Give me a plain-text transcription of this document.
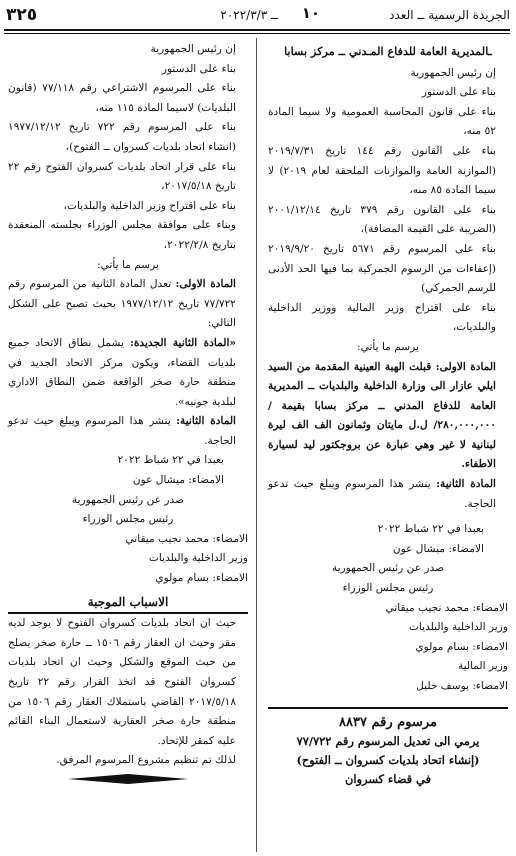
الجريدة الرسمية ــ العدد
١٠
ــ ٢٠٢٢/٣/٣
٣٢٥

ـالمديرية العامة للدفاع المـدني ــ مركز بسابا

إن رئيس الجمهورية

بناء على الدستور

بناء على قانون المحاسبة العمومية ولا سيما المادة ٥٢ منه،

بناء على القانون رقم ١٤٤ تاريخ ٢٠١٩/٧/٣١ (الموازنة العامة والموازنات الملحقة لعام ٢٠١٩) لا سيما المادة ٨٥ منه،

بناء على القانون رقم ٣٧٩ تاريخ ٢٠٠١/١٢/١٤ (الضريبة على القيمة المضافة)،

بناء على المرسوم رقم ٥٦٧١ تاريخ ٢٠١٩/٩/٢٠ (إعفاءات من الرسوم الجمركية بما فيها الحد الأدنى للرسم الجمركي)

بناء على اقتراح وزير المالية ووزير الداخلية والبلديات،

يرسم ما يأتي:

المادة الاولى: قبلت الهبة العينية المقدمة من السيد ايلي عازار الى وزارة الداخلية والبلديات ــ المديرية العامة للدفاع المدني ــ مركز بسابا بقيمة /٢٨٠,٠٠٠,٠٠٠/ ل.ل مايتان وثمانون الف الف ليرة لبنانية لا غير وهي عبارة عن بروجكتور ليد لسيارة الاطفاء.

المادة الثانية: ينشر هذا المرسوم ويبلغ حيث تدعو الحاجة.

بعبدا في ٢٢ شباط ٢٠٢٢

الامضاء: ميشال عون

صدر عن رئيس الجمهورية

رئيس مجلس الوزراء

الامضاء: محمد نجيب ميقاتي

وزير الداخلية والبلديات

الامضاء: بسام مولوي

وزير المالية

الامضاء: يوسف خليل

مرسوم رقم ٨٨٣٧

يرمي الى تعديل المرسوم رقم ٧٧/٧٢٢

(إنشاء اتحاد بلديات كسروان ــ الفتوح)

في قضاء كسروان

إن رئيس الجمهورية

بناء على الدستور

بناء على المرسوم الاشتراعي رقم ٧٧/١١٨ (قانون البلديات) لاسيما المادة ١١٥ منه،

بناء على المرسوم رقم ٧٢٢ تاريخ ١٩٧٧/١٢/١٢ (انشاء اتحاد بلديات كسروان ــ الفتوح)،

بناء على قرار اتحاد بلديات كسروان الفتوح رقم ٢٢ تاريخ ٢٠١٧/٥/١٨،

بناء على اقتراح وزير الداخلية والبلديات،

وبناء على موافقة مجلس الوزراء بجلسته المنعقدة بتاريخ ٢٠٢٢/٢/٨،

يرسم ما يأتي:

المادة الاولى: تعدل المادة الثانية من المرسوم رقم ٧٧/٧٢٢ تاريخ ١٩٧٧/١٢/١٢ بحيث تصبح على الشكل التالي:

«المادة الثانية الجديدة: يشمل نطاق الاتحاد جميع بلديات القضاء، ويكون مركز الاتحاد الجديد في منطقة حارة صخر الواقعة ضمن النطاق الاداري لبلدية جونيه».

المادة الثانية: ينشر هذا المرسوم ويبلغ حيث تدعو الحاجة.

بعبدا في ٢٢ شباط ٢٠٢٢

الامضاء: ميشال عون

صدر عن رئيس الجمهورية

رئيس مجلس الوزراء

الامضاء: محمد نجيب ميقاتي

وزير الداخلية والبلديات

الامضاء: بسام مولوي

الاسباب الموجبة

حيث ان اتحاد بلديات كسروان الفتوح لا يوجد لديه مقر وحيث ان العقار رقم ١٥٠٦ ــ حارة صخر يصلح من حيث الموقع والشكل وحيث ان اتحاد بلديات كسروان الفتوح قد اتخذ القرار رقم ٢٢ تاريخ ٢٠١٧/٥/١٨ القاضي باستملاك العقار رقم ١٥٠٦ من منطقة حارة صخر العقارية لاستعمال البناء القائم عليه كمقر للإتحاد.

لذلك تم تنظيم مشروع المرسوم المرفق.
